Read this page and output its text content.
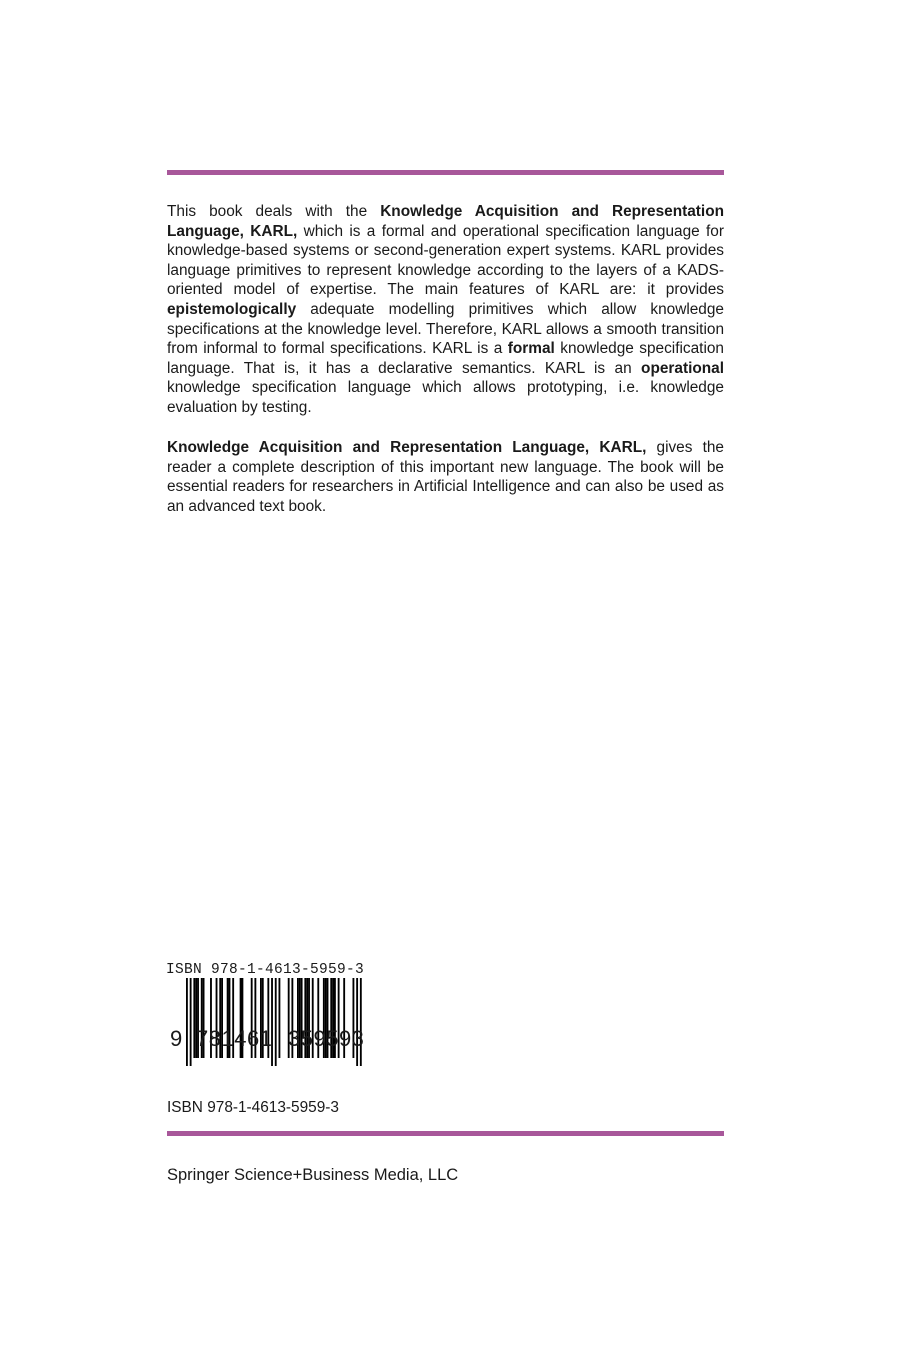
This book deals with the Knowledge Acquisition and Representation Language, KARL, which is a formal and operational specification language for knowledge-based systems or second-generation expert systems. KARL provides language primitives to represent knowledge according to the layers of a KADS-oriented model of expertise. The main features of KARL are: it provides epistemologically adequate modelling primitives which allow knowledge specifications at the knowledge level. Therefore, KARL allows a smooth transition from informal to formal specifications. KARL is a formal knowledge specification language. That is, it has a declarative semantics. KARL is an operational knowledge specification language which allows prototyping, i.e. knowledge evaluation by testing.

Knowledge Acquisition and Representation Language, KARL, gives the reader a complete description of this important new language. The book will be essential readers for researchers in Artificial Intelligence and can also be used as an advanced text book.

ISBN 978-1-4613-5959-3
9 781461 359593
ISBN 978-1-4613-5959-3
Springer Science+Business Media, LLC
